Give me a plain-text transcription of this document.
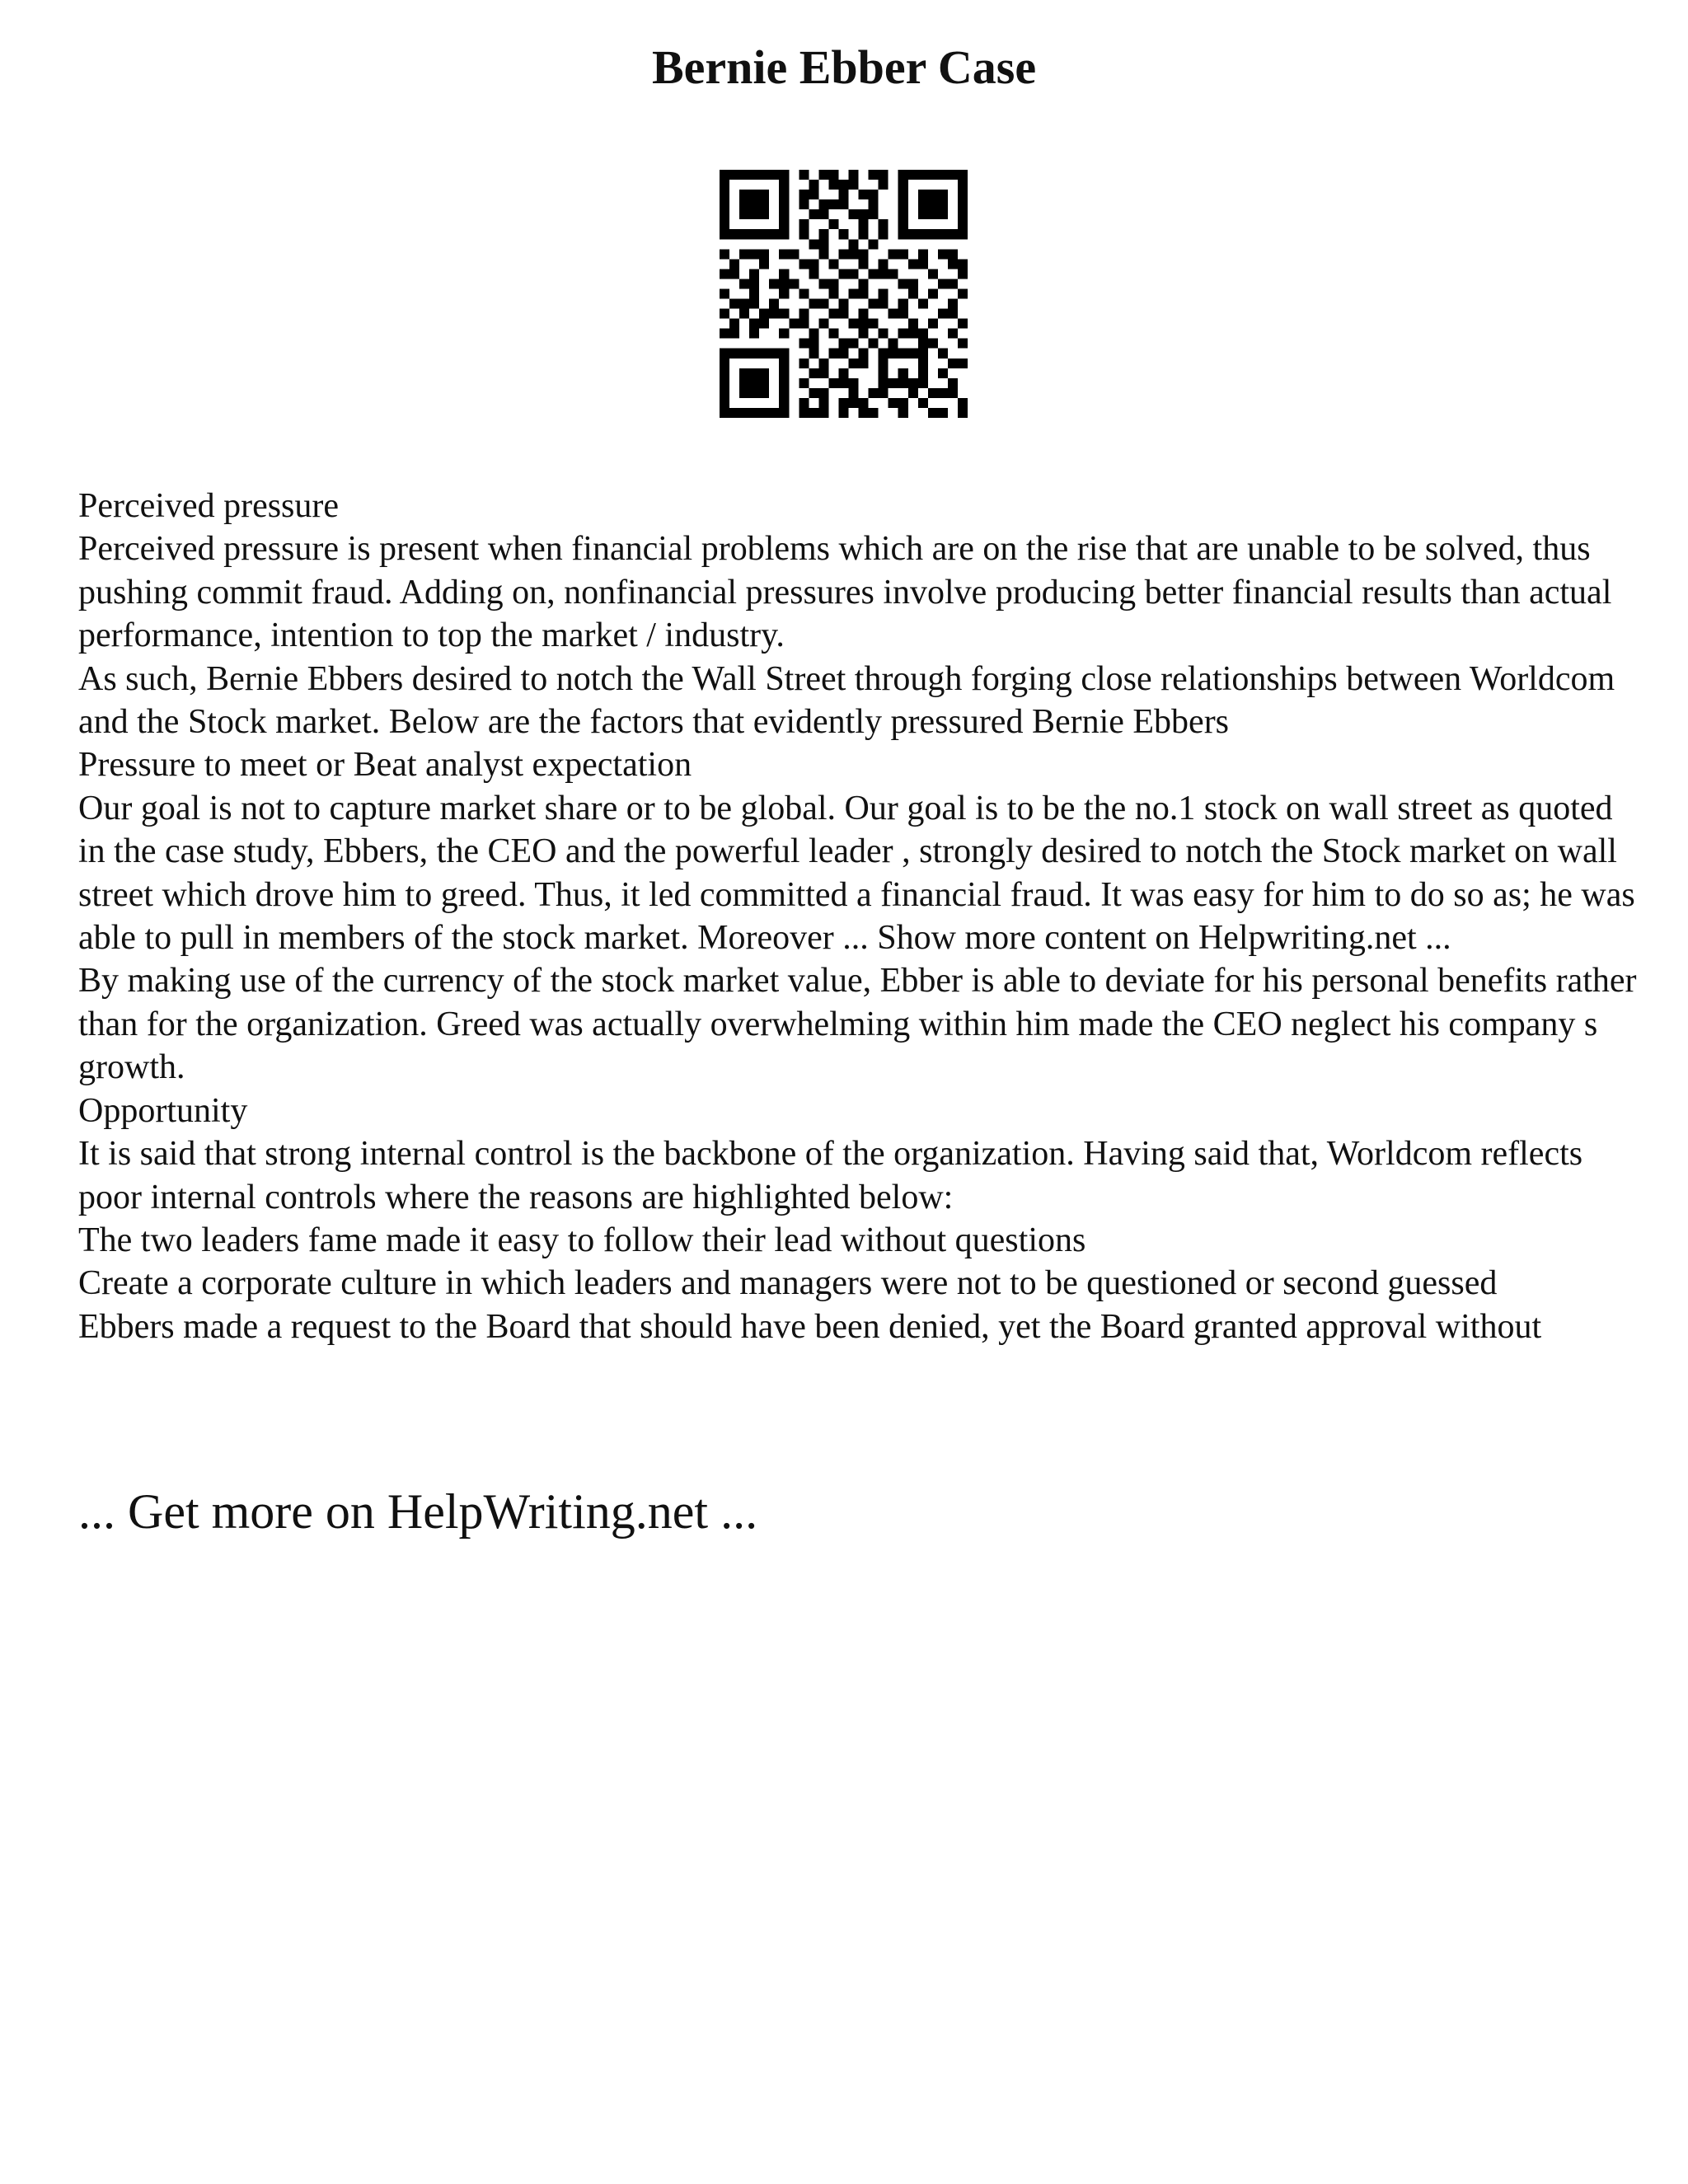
Bernie Ebber Case

Perceived pressure

Perceived pressure is present when financial problems which are on the rise that are unable to be solved, thus pushing commit fraud. Adding on, nonfinancial pressures involve producing better financial results than actual performance, intention to top the market / industry.

As such, Bernie Ebbers desired to notch the Wall Street through forging close relationships between Worldcom and the Stock market. Below are the factors that evidently pressured Bernie Ebbers

Pressure to meet or Beat analyst expectation

Our goal is not to capture market share or to be global. Our goal is to be the no.1 stock on wall street as quoted in the case study, Ebbers, the CEO and the powerful leader , strongly desired to notch the Stock market on wall street which drove him to greed. Thus, it led committed a financial fraud. It was easy for him to do so as; he was able to pull in members of the stock market. Moreover ... Show more content on Helpwriting.net ...

By making use of the currency of the stock market value, Ebber is able to deviate for his personal benefits rather than for the organization. Greed was actually overwhelming within him made the CEO neglect his company s growth.

Opportunity

It is said that strong internal control is the backbone of the organization. Having said that, Worldcom reflects poor internal controls where the reasons are highlighted below:

The two leaders fame made it easy to follow their lead without questions

Create a corporate culture in which leaders and managers were not to be questioned or second guessed

Ebbers made a request to the Board that should have been denied, yet the Board granted approval without

... Get more on HelpWriting.net ...
